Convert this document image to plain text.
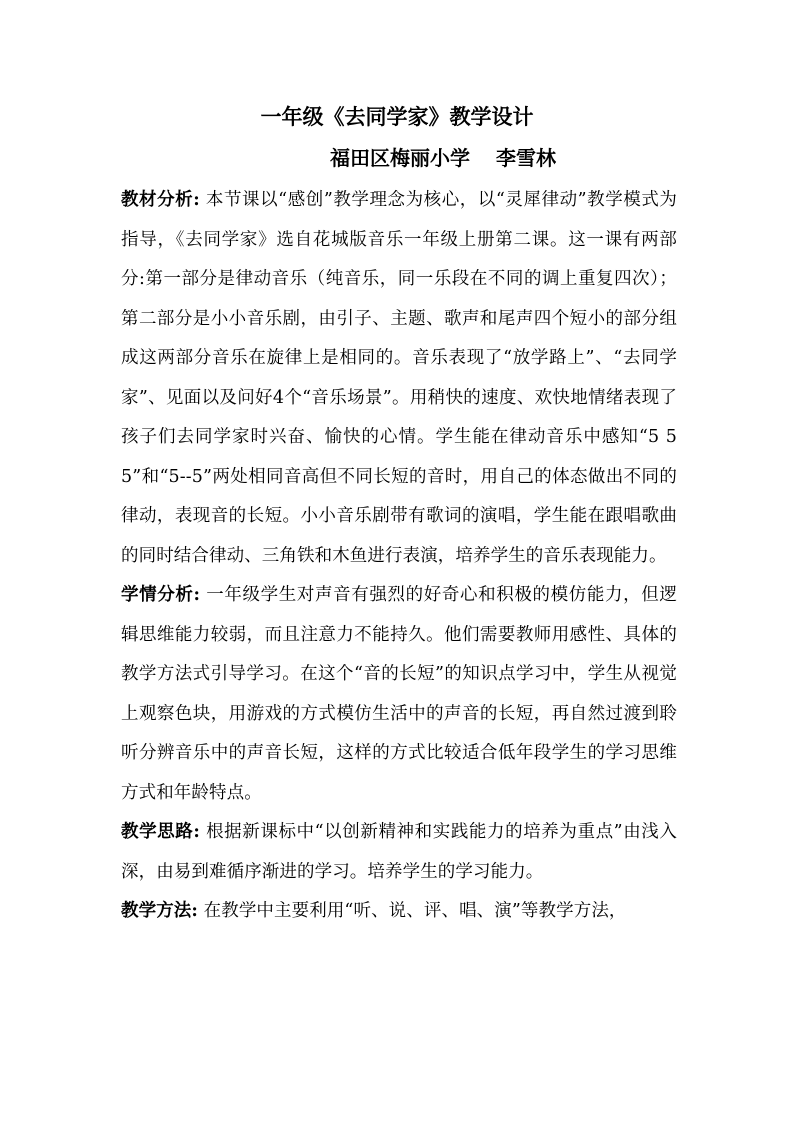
一年级《去同学家》教学设计
福田区梅丽小学 李雪林

教材分析: 本节课以“感创”教学理念为核心，以“灵犀律动”教学模式为指导，《去同学家》选自花城版音乐一年级上册第二课。这一课有两部分:第一部分是律动音乐（纯音乐，同一乐段在不同的调上重复四次）；第二部分是小小音乐剧，由引子、主题、歌声和尾声四个短小的部分组成这两部分音乐在旋律上是相同的。音乐表现了“放学路上”、“去同学家”、见面以及问好4个“音乐场景”。用稍快的速度、欢快地情绪表现了孩子们去同学家时兴奋、愉快的心情。学生能在律动音乐中感知“5 5 5”和“5--5”两处相同音高但不同长短的音时，用自己的体态做出不同的律动，表现音的长短。小小音乐剧带有歌词的演唱，学生能在跟唱歌曲的同时结合律动、三角铁和木鱼进行表演，培养学生的音乐表现能力。

学情分析: 一年级学生对声音有强烈的好奇心和积极的模仿能力，但逻辑思维能力较弱，而且注意力不能持久。他们需要教师用感性、具体的教学方法式引导学习。在这个“音的长短”的知识点学习中，学生从视觉上观察色块，用游戏的方式模仿生活中的声音的长短，再自然过渡到聆听分辨音乐中的声音长短，这样的方式比较适合低年段学生的学习思维方式和年龄特点。

教学思路: 根据新课标中“以创新精神和实践能力的培养为重点”由浅入深，由易到难循序渐进的学习。培养学生的学习能力。

教学方法: 在教学中主要利用“听、说、评、唱、演”等教学方法，
